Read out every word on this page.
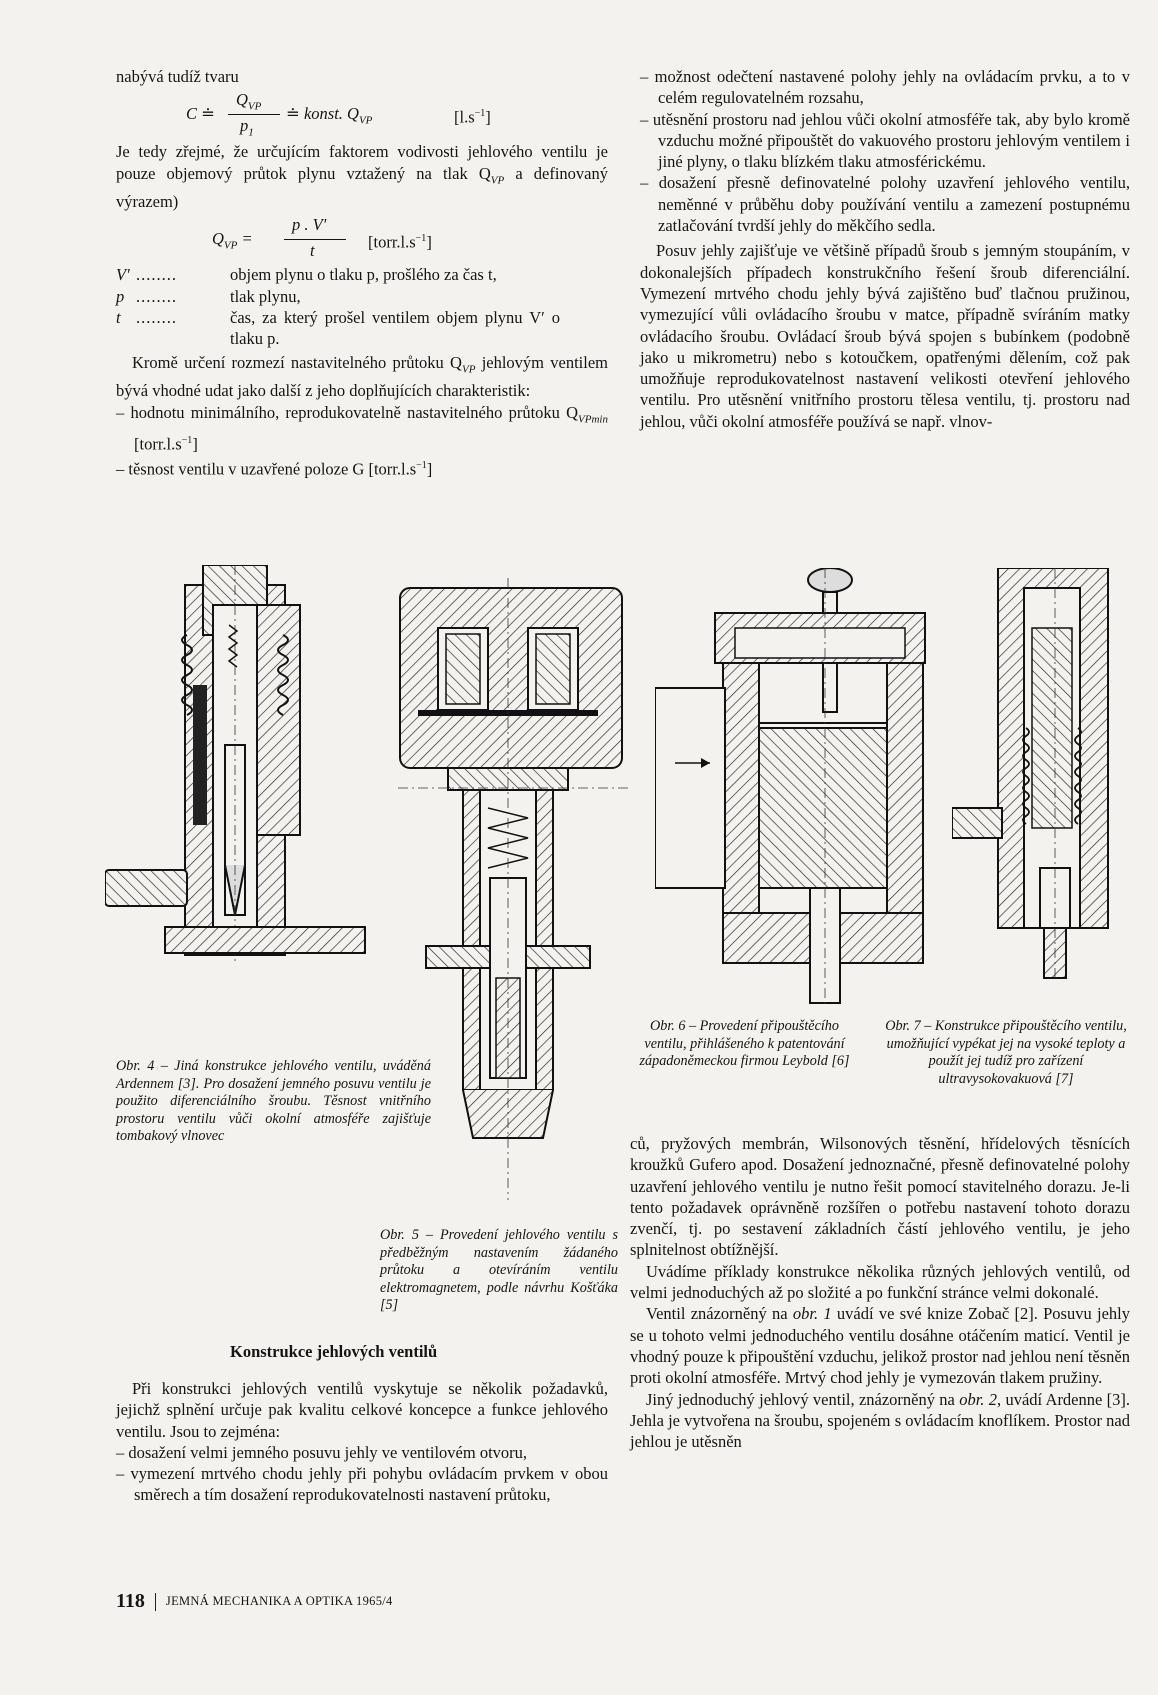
nabývá tudíž tvaru

C ≐
$Q_{VP}$
$p_1$
≐ konst. $Q_{VP}$	$[l.s^{-1}]$

Je tedy zřejmé, že určujícím faktorem vodivosti jehlového ventilu je pouze objemový průtok plynu vztažený na tlak $Q_{VP}$ a definovaný výrazem)

$Q_{VP}$ =
p . V′
t	$[torr.l.s^{-1}]$
V′ ........	objem plynu o tlaku p, prošlého za čas t,
p ........	tlak plynu,
t ........	čas, za který prošel ventilem objem plynu V′ o tlaku p.

Kromě určení rozmezí nastavitelného průtoku $Q_{VP}$ jehlovým ventilem bývá vhodné udat jako další z jeho doplňujících charakteristik:

– hodnotu minimálního, reprodukovatelně nastavitelného průtoku $Q_{VPmin}$ $[torr.l.s^{-1}]$

– těsnost ventilu v uzavřené poloze G $[torr.l.s^{-1}]$

– možnost odečtení nastavené polohy jehly na ovládacím prvku, a to v celém regulovatelném rozsahu,

– utěsnění prostoru nad jehlou vůči okolní atmosféře tak, aby bylo kromě vzduchu možné připouštět do vakuového prostoru jehlovým ventilem i jiné plyny, o tlaku blízkém tlaku atmosférickému.

– dosažení přesně definovatelné polohy uzavření jehlového ventilu, neměnné v průběhu doby používání ventilu a zamezení postupnému zatlačování tvrdší jehly do měkčího sedla.

Posuv jehly zajišťuje ve většině případů šroub s jemným stoupáním, v dokonalejších případech konstrukčního řešení šroub diferenciální. Vymezení mrtvého chodu jehly bývá zajištěno buď tlačnou pružinou, vymezující vůli ovládacího šroubu v matce, případně svíráním matky ovládacího šroubu. Ovládací šroub bývá spojen s bubínkem (podobně jako u mikrometru) nebo s kotoučkem, opatřenými dělením, což pak umožňuje reprodukovatelnost nastavení velikosti otevření jehlového ventilu. Pro utěsnění vnitřního prostoru tělesa ventilu, tj. prostoru nad jehlou, vůči okolní atmosféře používá se např. vlnov-

Obr. 4 – Jiná konstrukce jehlového ventilu, uváděná Ardennem [3]. Pro dosažení jemného posuvu ventilu je použito diferenciálního šroubu. Těsnost vnitřního prostoru ventilu vůči okolní atmosféře zajišťuje tombakový vlnovec
Obr. 5 – Provedení jehlového ventilu s předběžným nastavením žádaného průtoku a otevíráním ventilu elektromagnetem, podle návrhu Košťáka [5]
Obr. 6 – Provedení připouštěcího ventilu, přihlášeného k patentování západoněmeckou firmou Leybold [6]
Obr. 7 – Konstrukce připouštěcího ventilu, umožňující vypékat jej na vysoké teploty a použít jej tudíž pro zařízení ultravysokovakuová [7]
Konstrukce jehlových ventilů

Při konstrukci jehlových ventilů vyskytuje se několik požadavků, jejichž splnění určuje pak kvalitu celkové koncepce a funkce jehlového ventilu. Jsou to zejména:

– dosažení velmi jemného posuvu jehly ve ventilovém otvoru,

– vymezení mrtvého chodu jehly při pohybu ovládacím prvkem v obou směrech a tím dosažení reprodukovatelnosti nastavení průtoku,

ců, pryžových membrán, Wilsonových těsnění, hřídelových těsnících kroužků Gufero apod. Dosažení jednoznačné, přesně definovatelné polohy uzavření jehlového ventilu je nutno řešit pomocí stavitelného dorazu. Je-li tento požadavek oprávněně rozšířen o potřebu nastavení tohoto dorazu zvenčí, tj. po sestavení základních částí jehlového ventilu, je jeho splnitelnost obtížnější.

Uvádíme příklady konstrukce několika různých jehlových ventilů, od velmi jednoduchých až po složité a po funkční stránce velmi dokonalé.

Ventil znázorněný na obr. 1 uvádí ve své knize Zobač [2]. Posuvu jehly se u tohoto velmi jednoduchého ventilu dosáhne otáčením maticí. Ventil je vhodný pouze k připouštění vzduchu, jelikož prostor nad jehlou není těsněn proti okolní atmosféře. Mrtvý chod jehly je vymezován tlakem pružiny.

Jiný jednoduchý jehlový ventil, znázorněný na obr. 2, uvádí Ardenne [3]. Jehla je vytvořena na šroubu, spojeném s ovládacím knoflíkem. Prostor nad jehlou je utěsněn

118 JEMNÁ MECHANIKA A OPTIKA 1965/4
